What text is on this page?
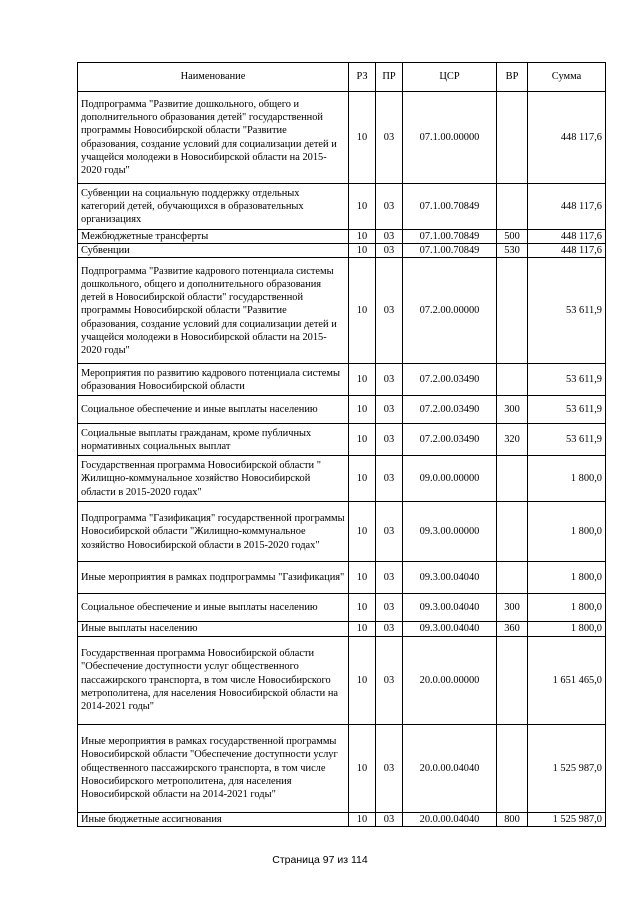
Наименование	РЗ	ПР	ЦСР	ВР	Сумма
Подпрограмма "Развитие дошкольного, общего и дополнительного образования детей" государственной программы Новосибирской области "Развитие образования, создание условий для социализации детей и учащейся молодежи в Новосибирской области на 2015-2020 годы"	10	03	07.1.00.00000		448 117,6
Субвенции на социальную поддержку отдельных категорий детей, обучающихся в образовательных организациях	10	03	07.1.00.70849		448 117,6
Межбюджетные трансферты	10	03	07.1.00.70849	500	448 117,6
Субвенции	10	03	07.1.00.70849	530	448 117,6
Подпрограмма "Развитие кадрового потенциала системы дошкольного, общего и дополнительного образования детей в Новосибирской области" государственной программы Новосибирской области "Развитие образования, создание условий для социализации детей и учащейся молодежи в Новосибирской области на 2015-2020 годы"	10	03	07.2.00.00000		53 611,9
Мероприятия по развитию кадрового потенциала системы образования Новосибирской области	10	03	07.2.00.03490		53 611,9
Социальное обеспечение и иные выплаты населению	10	03	07.2.00.03490	300	53 611,9
Социальные выплаты гражданам, кроме публичных нормативных социальных выплат	10	03	07.2.00.03490	320	53 611,9
Государственная программа Новосибирской области " Жилищно-коммунальное хозяйство Новосибирской области в 2015-2020 годах"	10	03	09.0.00.00000		1 800,0
Подпрограмма "Газификация" государственной программы Новосибирской области "Жилищно-коммунальное хозяйство Новосибирской области в 2015-2020 годах"	10	03	09.3.00.00000		1 800,0
Иные мероприятия в рамках подпрограммы "Газификация"	10	03	09.3.00.04040		1 800,0
Социальное обеспечение и иные выплаты населению	10	03	09.3.00.04040	300	1 800,0
Иные выплаты населению	10	03	09.3.00.04040	360	1 800,0
Государственная программа Новосибирской области "Обеспечение доступности услуг общественного пассажирского транспорта, в том числе Новосибирского метрополитена, для населения Новосибирской области на 2014-2021 годы"	10	03	20.0.00.00000		1 651 465,0
Иные мероприятия в рамках государственной программы Новосибирской области "Обеспечение доступности услуг общественного пассажирского транспорта, в том числе Новосибирского метрополитена, для населения Новосибирской области на 2014-2021 годы"	10	03	20.0.00.04040		1 525 987,0
Иные бюджетные ассигнования	10	03	20.0.00.04040	800	1 525 987,0
Страница 97 из 114
